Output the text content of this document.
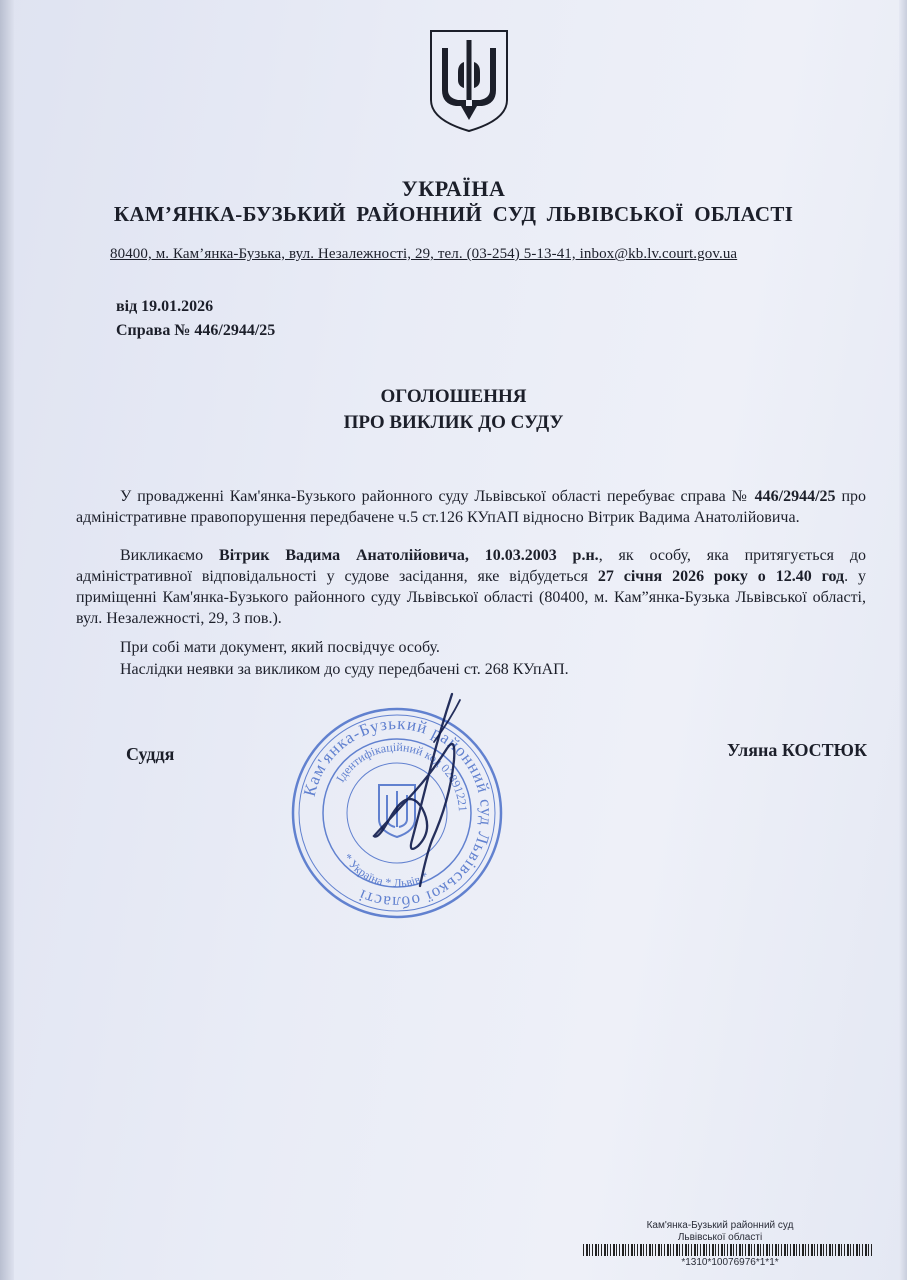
УКРАЇНА
КАМ’ЯНКА-БУЗЬКИЙ РАЙОННИЙ СУД ЛЬВІВСЬКОЇ ОБЛАСТІ
80400, м. Кам’янка-Бузька, вул. Незалежності, 29, тел. (03-254) 5-13-41, inbox@kb.lv.court.gov.ua
від 19.01.2026
Справа № 446/2944/25
ОГОЛОШЕННЯ
ПРО ВИКЛИК ДО СУДУ
У провадженні Кам'янка-Бузького районного суду Львівської області перебуває справа № 446/2944/25 про адміністративне правопорушення передбачене ч.5 ст.126 КУпАП відносно Вітрик Вадима Анатолійовича.
Викликаємо Вітрик Вадима Анатолійовича, 10.03.2003 р.н., як особу, яка притягується до адміністративної відповідальності у судове засідання, яке відбудеться 27 січня 2026 року о 12.40 год. у приміщенні Кам'янка-Бузького районного суду Львівської області (80400, м. Кам”янка-Бузька Львівської області, вул. Незалежності, 29, 3 пов.).
При собі мати документ, який посвідчує особу.
Наслідки неявки за викликом до суду передбачені ст. 268 КУпАП.
Суддя	Уляна КОСТЮК
Кам'янка-Бузький районний суд Львівської області
Ідентифікаційний код 02891221
* Україна * Львів *
Кам'янка-Бузький районний суд
Львівської області
*1310*10076976*1*1*
